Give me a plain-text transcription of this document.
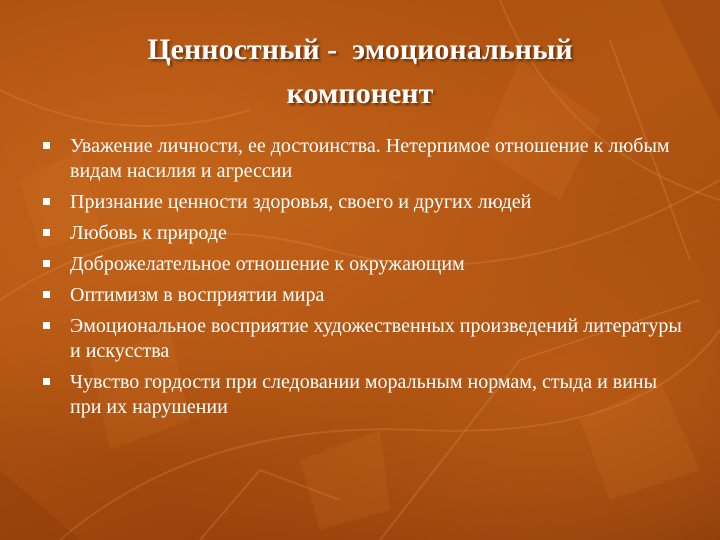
Ценностный -  эмоциональный
компонент
Уважение личности, ее достоинства. Нетерпимое отношение к любым видам насилия и агрессии
Признание ценности здоровья, своего и других людей
Любовь к природе
Доброжелательное отношение к окружающим
Оптимизм в восприятии мира
Эмоциональное восприятие художественных произведений литературы и искусства
Чувство гордости при следовании моральным нормам, стыда и вины при их нарушении
